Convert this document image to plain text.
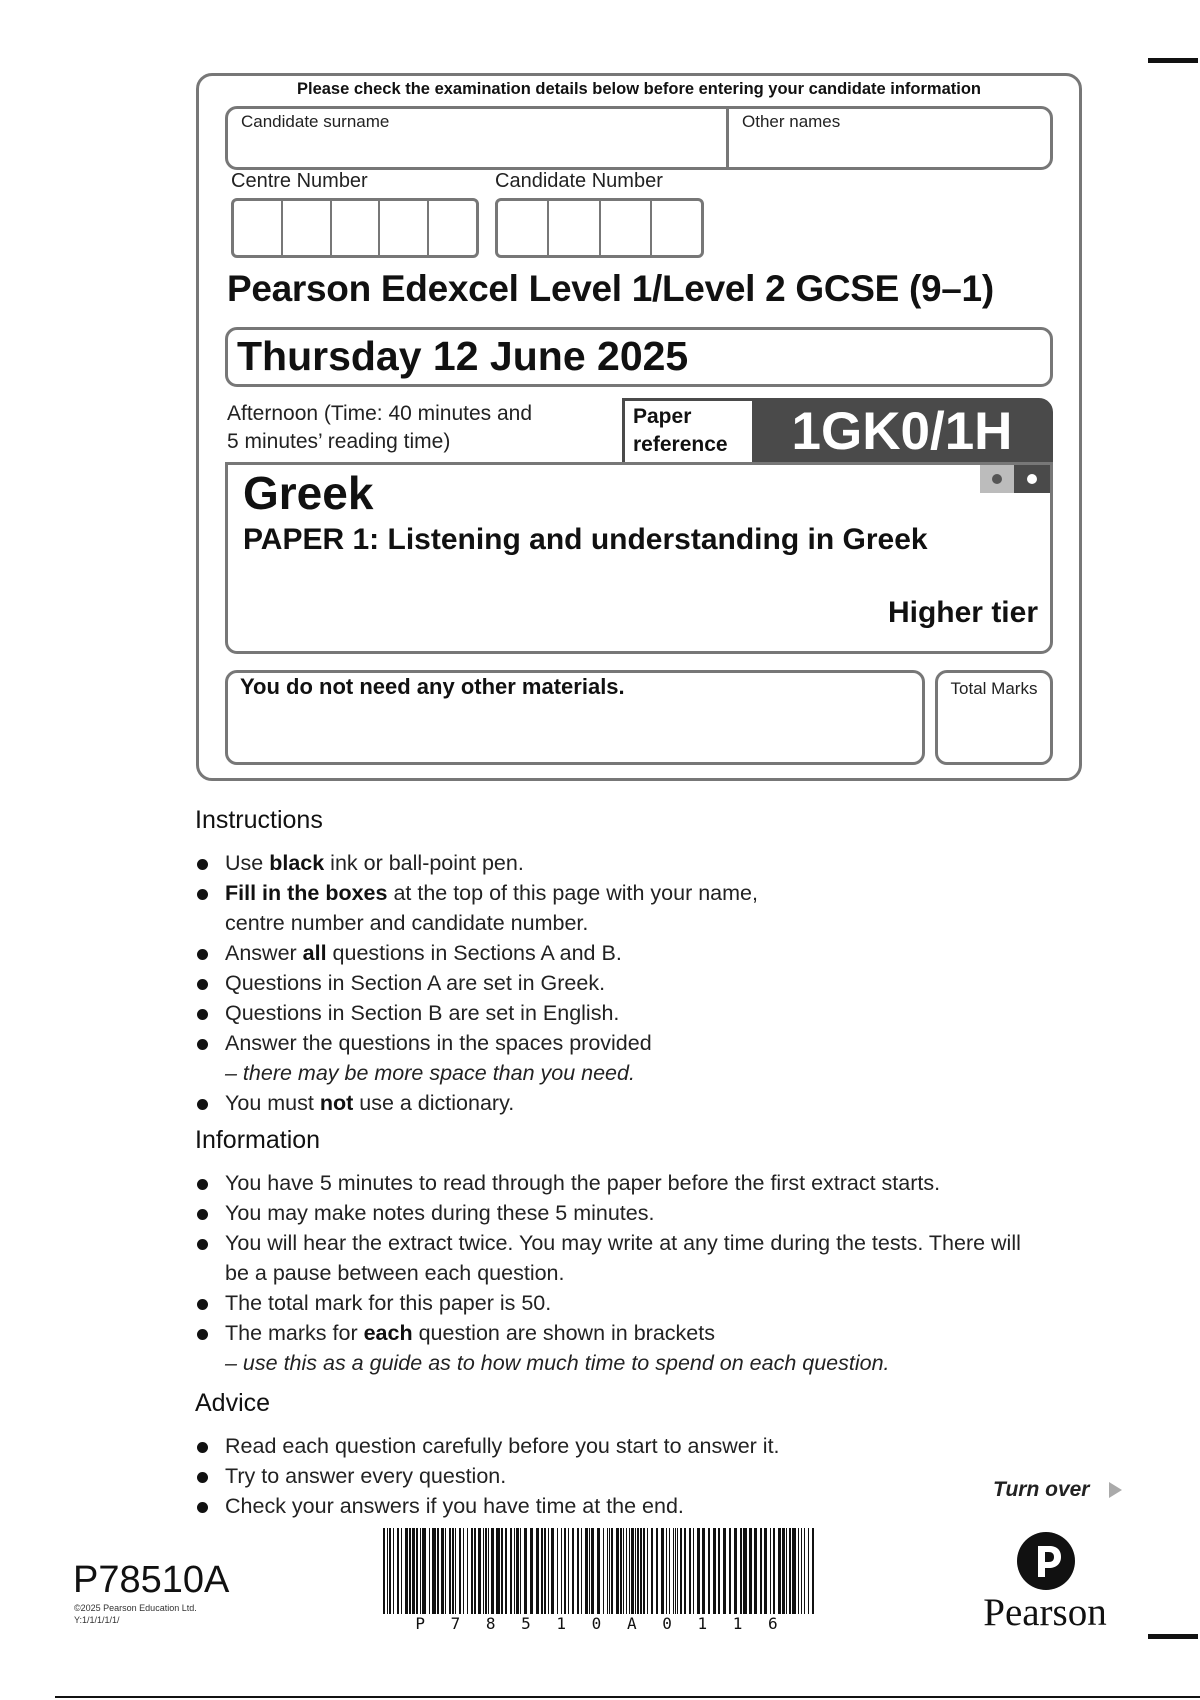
Please check the examination details below before entering your candidate information
Candidate surname	Other names
Centre Number	Candidate Number
Pearson Edexcel Level 1/Level 2 GCSE (9–1)
Thursday 12 June 2025
Afternoon (Time: 40 minutes and
5 minutes’ reading time)
Paper
reference	1GK0/1H
Greek
PAPER 1: Listening and understanding in Greek
Higher tier
You do not need any other materials.	Total Marks
Instructions
Use black ink or ball-point pen.
Fill in the boxes at the top of this page with your name,
centre number and candidate number.
Answer all questions in Sections A and B.
Questions in Section A are set in Greek.
Questions in Section B are set in English.
Answer the questions in the spaces provided
– there may be more space than you need.
You must not use a dictionary.
Information
You have 5 minutes to read through the paper before the first extract starts.
You may make notes during these 5 minutes.
You will hear the extract twice. You may write at any time during the tests. There will
be a pause between each question.
The total mark for this paper is 50.
The marks for each question are shown in brackets
– use this as a guide as to how much time to spend on each question.
Advice
Read each question carefully before you start to answer it.
Try to answer every question.
Check your answers if you have time at the end.
Turn over
P78510A
©2025 Pearson Education Ltd.
Y:1/1/1/1/1/	P 7 8 5 1 0 A 0 1 1 6	Pearson
